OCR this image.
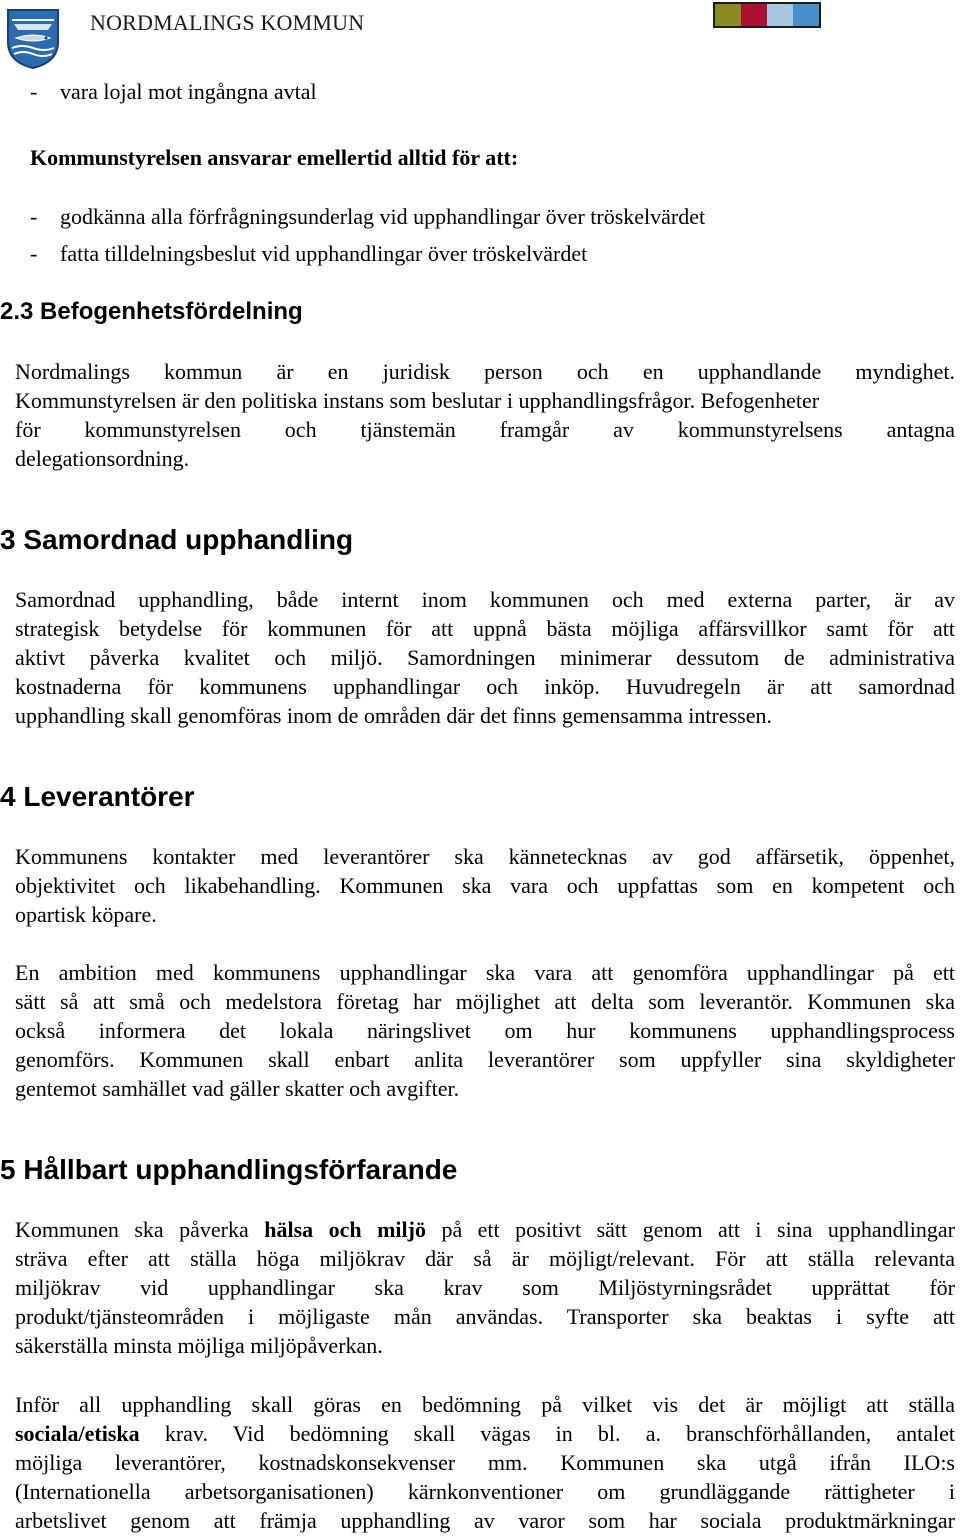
NORDMALINGS KOMMUN
- vara lojal mot ingångna avtal
Kommunstyrelsen ansvarar emellertid alltid för att:
- godkänna alla förfrågningsunderlag vid upphandlingar över tröskelvärdet
- fatta tilldelningsbeslut vid upphandlingar över tröskelvärdet
2.3 Befogenhetsfördelning
Nordmalings kommun är en juridisk person och en upphandlande myndighet.
Kommunstyrelsen är den politiska instans som beslutar i upphandlingsfrågor. Befogenheter
för kommunstyrelsen och tjänstemän framgår av kommunstyrelsens antagna
delegationsordning.
3 Samordnad upphandling
Samordnad upphandling, både internt inom kommunen och med externa parter, är av
strategisk betydelse för kommunen för att uppnå bästa möjliga affärsvillkor samt för att
aktivt påverka kvalitet och miljö. Samordningen minimerar dessutom de administrativa
kostnaderna för kommunens upphandlingar och inköp. Huvudregeln är att samordnad
upphandling skall genomföras inom de områden där det finns gemensamma intressen.
4 Leverantörer
Kommunens kontakter med leverantörer ska kännetecknas av god affärsetik, öppenhet,
objektivitet och likabehandling. Kommunen ska vara och uppfattas som en kompetent och
opartisk köpare.
En ambition med kommunens upphandlingar ska vara att genomföra upphandlingar på ett
sätt så att små och medelstora företag har möjlighet att delta som leverantör. Kommunen ska
också informera det lokala näringslivet om hur kommunens upphandlingsprocess
genomförs. Kommunen skall enbart anlita leverantörer som uppfyller sina skyldigheter
gentemot samhället vad gäller skatter och avgifter.
5 Hållbart upphandlingsförfarande
Kommunen ska påverka hälsa och miljö på ett positivt sätt genom att i sina upphandlingar
sträva efter att ställa höga miljökrav där så är möjligt/relevant. För att ställa relevanta
miljökrav vid upphandlingar ska krav som Miljöstyrningsrådet upprättat för
produkt/tjänsteområden i möjligaste mån användas. Transporter ska beaktas i syfte att
säkerställa minsta möjliga miljöpåverkan.
Inför all upphandling skall göras en bedömning på vilket vis det är möjligt att ställa
sociala/etiska krav. Vid bedömning skall vägas in bl. a. branschförhållanden, antalet
möjliga leverantörer, kostnadskonsekvenser mm. Kommunen ska utgå ifrån ILO:s
(Internationella arbetsorganisationen) kärnkonventioner om grundläggande rättigheter i
arbetslivet genom att främja upphandling av varor som har sociala produktmärkningar
